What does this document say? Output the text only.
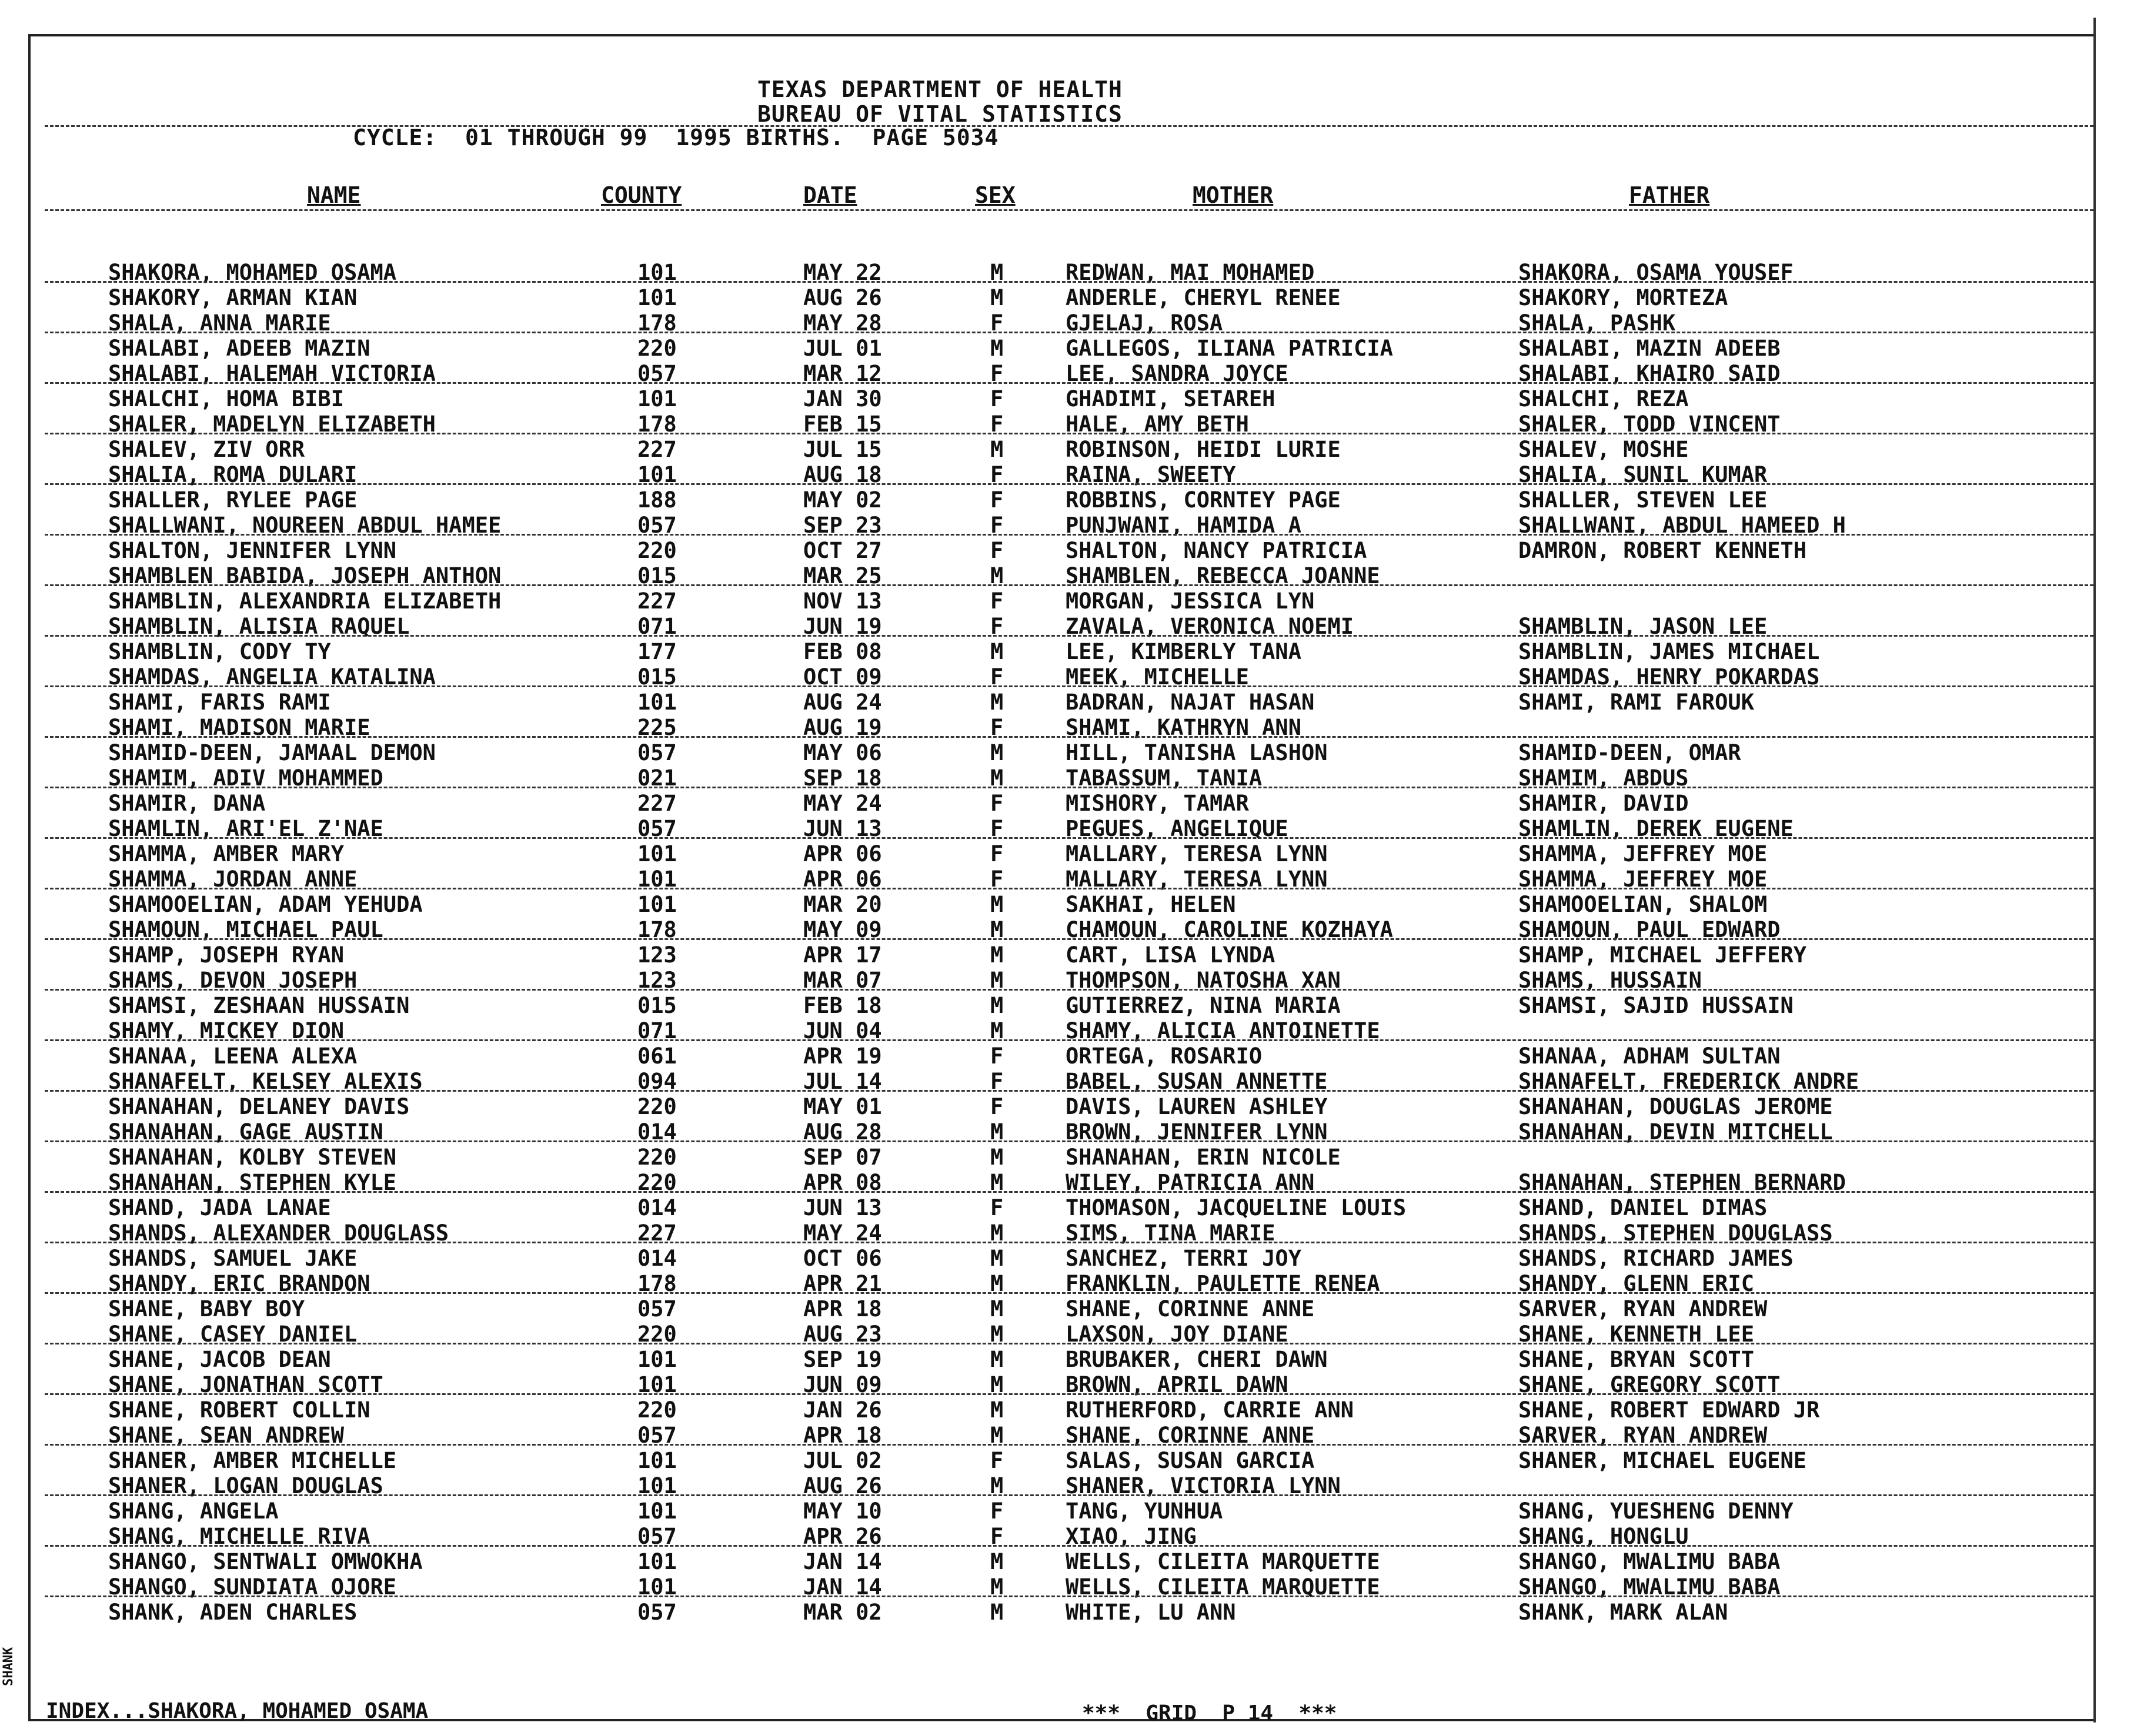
TEXAS DEPARTMENT OF HEALTH
BUREAU OF VITAL STATISTICS
CYCLE:  01 THROUGH 99  1995 BIRTHS.  PAGE 5034
NAME	COUNTY	DATE	SEX	MOTHER	FATHER
SHAKORA, MOHAMED OSAMA	101	MAY 22	M	REDWAN, MAI MOHAMED	SHAKORA, OSAMA YOUSEF
SHAKORY, ARMAN KIAN	101	AUG 26	M	ANDERLE, CHERYL RENEE	SHAKORY, MORTEZA
SHALA, ANNA MARIE	178	MAY 28	F	GJELAJ, ROSA	SHALA, PASHK
SHALABI, ADEEB MAZIN	220	JUL 01	M	GALLEGOS, ILIANA PATRICIA	SHALABI, MAZIN ADEEB
SHALABI, HALEMAH VICTORIA	057	MAR 12	F	LEE, SANDRA JOYCE	SHALABI, KHAIRO SAID
SHALCHI, HOMA BIBI	101	JAN 30	F	GHADIMI, SETAREH	SHALCHI, REZA
SHALER, MADELYN ELIZABETH	178	FEB 15	F	HALE, AMY BETH	SHALER, TODD VINCENT
SHALEV, ZIV ORR	227	JUL 15	M	ROBINSON, HEIDI LURIE	SHALEV, MOSHE
SHALIA, ROMA DULARI	101	AUG 18	F	RAINA, SWEETY	SHALIA, SUNIL KUMAR
SHALLER, RYLEE PAGE	188	MAY 02	F	ROBBINS, CORNTEY PAGE	SHALLER, STEVEN LEE
SHALLWANI, NOUREEN ABDUL HAMEE	057	SEP 23	F	PUNJWANI, HAMIDA A	SHALLWANI, ABDUL HAMEED H
SHALTON, JENNIFER LYNN	220	OCT 27	F	SHALTON, NANCY PATRICIA	DAMRON, ROBERT KENNETH
SHAMBLEN BABIDA, JOSEPH ANTHON	015	MAR 25	M	SHAMBLEN, REBECCA JOANNE
SHAMBLIN, ALEXANDRIA ELIZABETH	227	NOV 13	F	MORGAN, JESSICA LYN
SHAMBLIN, ALISIA RAQUEL	071	JUN 19	F	ZAVALA, VERONICA NOEMI	SHAMBLIN, JASON LEE
SHAMBLIN, CODY TY	177	FEB 08	M	LEE, KIMBERLY TANA	SHAMBLIN, JAMES MICHAEL
SHAMDAS, ANGELIA KATALINA	015	OCT 09	F	MEEK, MICHELLE	SHAMDAS, HENRY POKARDAS
SHAMI, FARIS RAMI	101	AUG 24	M	BADRAN, NAJAT HASAN	SHAMI, RAMI FAROUK
SHAMI, MADISON MARIE	225	AUG 19	F	SHAMI, KATHRYN ANN
SHAMID-DEEN, JAMAAL DEMON	057	MAY 06	M	HILL, TANISHA LASHON	SHAMID-DEEN, OMAR
SHAMIM, ADIV MOHAMMED	021	SEP 18	M	TABASSUM, TANIA	SHAMIM, ABDUS
SHAMIR, DANA	227	MAY 24	F	MISHORY, TAMAR	SHAMIR, DAVID
SHAMLIN, ARI'EL Z'NAE	057	JUN 13	F	PEGUES, ANGELIQUE	SHAMLIN, DEREK EUGENE
SHAMMA, AMBER MARY	101	APR 06	F	MALLARY, TERESA LYNN	SHAMMA, JEFFREY MOE
SHAMMA, JORDAN ANNE	101	APR 06	F	MALLARY, TERESA LYNN	SHAMMA, JEFFREY MOE
SHAMOOELIAN, ADAM YEHUDA	101	MAR 20	M	SAKHAI, HELEN	SHAMOOELIAN, SHALOM
SHAMOUN, MICHAEL PAUL	178	MAY 09	M	CHAMOUN, CAROLINE KOZHAYA	SHAMOUN, PAUL EDWARD
SHAMP, JOSEPH RYAN	123	APR 17	M	CART, LISA LYNDA	SHAMP, MICHAEL JEFFERY
SHAMS, DEVON JOSEPH	123	MAR 07	M	THOMPSON, NATOSHA XAN	SHAMS, HUSSAIN
SHAMSI, ZESHAAN HUSSAIN	015	FEB 18	M	GUTIERREZ, NINA MARIA	SHAMSI, SAJID HUSSAIN
SHAMY, MICKEY DION	071	JUN 04	M	SHAMY, ALICIA ANTOINETTE
SHANAA, LEENA ALEXA	061	APR 19	F	ORTEGA, ROSARIO	SHANAA, ADHAM SULTAN
SHANAFELT, KELSEY ALEXIS	094	JUL 14	F	BABEL, SUSAN ANNETTE	SHANAFELT, FREDERICK ANDRE
SHANAHAN, DELANEY DAVIS	220	MAY 01	F	DAVIS, LAUREN ASHLEY	SHANAHAN, DOUGLAS JEROME
SHANAHAN, GAGE AUSTIN	014	AUG 28	M	BROWN, JENNIFER LYNN	SHANAHAN, DEVIN MITCHELL
SHANAHAN, KOLBY STEVEN	220	SEP 07	M	SHANAHAN, ERIN NICOLE
SHANAHAN, STEPHEN KYLE	220	APR 08	M	WILEY, PATRICIA ANN	SHANAHAN, STEPHEN BERNARD
SHAND, JADA LANAE	014	JUN 13	F	THOMASON, JACQUELINE LOUIS	SHAND, DANIEL DIMAS
SHANDS, ALEXANDER DOUGLASS	227	MAY 24	M	SIMS, TINA MARIE	SHANDS, STEPHEN DOUGLASS
SHANDS, SAMUEL JAKE	014	OCT 06	M	SANCHEZ, TERRI JOY	SHANDS, RICHARD JAMES
SHANDY, ERIC BRANDON	178	APR 21	M	FRANKLIN, PAULETTE RENEA	SHANDY, GLENN ERIC
SHANE, BABY BOY	057	APR 18	M	SHANE, CORINNE ANNE	SARVER, RYAN ANDREW
SHANE, CASEY DANIEL	220	AUG 23	M	LAXSON, JOY DIANE	SHANE, KENNETH LEE
SHANE, JACOB DEAN	101	SEP 19	M	BRUBAKER, CHERI DAWN	SHANE, BRYAN SCOTT
SHANE, JONATHAN SCOTT	101	JUN 09	M	BROWN, APRIL DAWN	SHANE, GREGORY SCOTT
SHANE, ROBERT COLLIN	220	JAN 26	M	RUTHERFORD, CARRIE ANN	SHANE, ROBERT EDWARD JR
SHANE, SEAN ANDREW	057	APR 18	M	SHANE, CORINNE ANNE	SARVER, RYAN ANDREW
SHANER, AMBER MICHELLE	101	JUL 02	F	SALAS, SUSAN GARCIA	SHANER, MICHAEL EUGENE
SHANER, LOGAN DOUGLAS	101	AUG 26	M	SHANER, VICTORIA LYNN
SHANG, ANGELA	101	MAY 10	F	TANG, YUNHUA	SHANG, YUESHENG DENNY
SHANG, MICHELLE RIVA	057	APR 26	F	XIAO, JING	SHANG, HONGLU
SHANGO, SENTWALI OMWOKHA	101	JAN 14	M	WELLS, CILEITA MARQUETTE	SHANGO, MWALIMU BABA
SHANGO, SUNDIATA OJORE	101	JAN 14	M	WELLS, CILEITA MARQUETTE	SHANGO, MWALIMU BABA
SHANK, ADEN CHARLES	057	MAR 02	M	WHITE, LU ANN	SHANK, MARK ALAN
INDEX...SHAKORA, MOHAMED OSAMA	***  GRID  P 14  ***
SHANK
